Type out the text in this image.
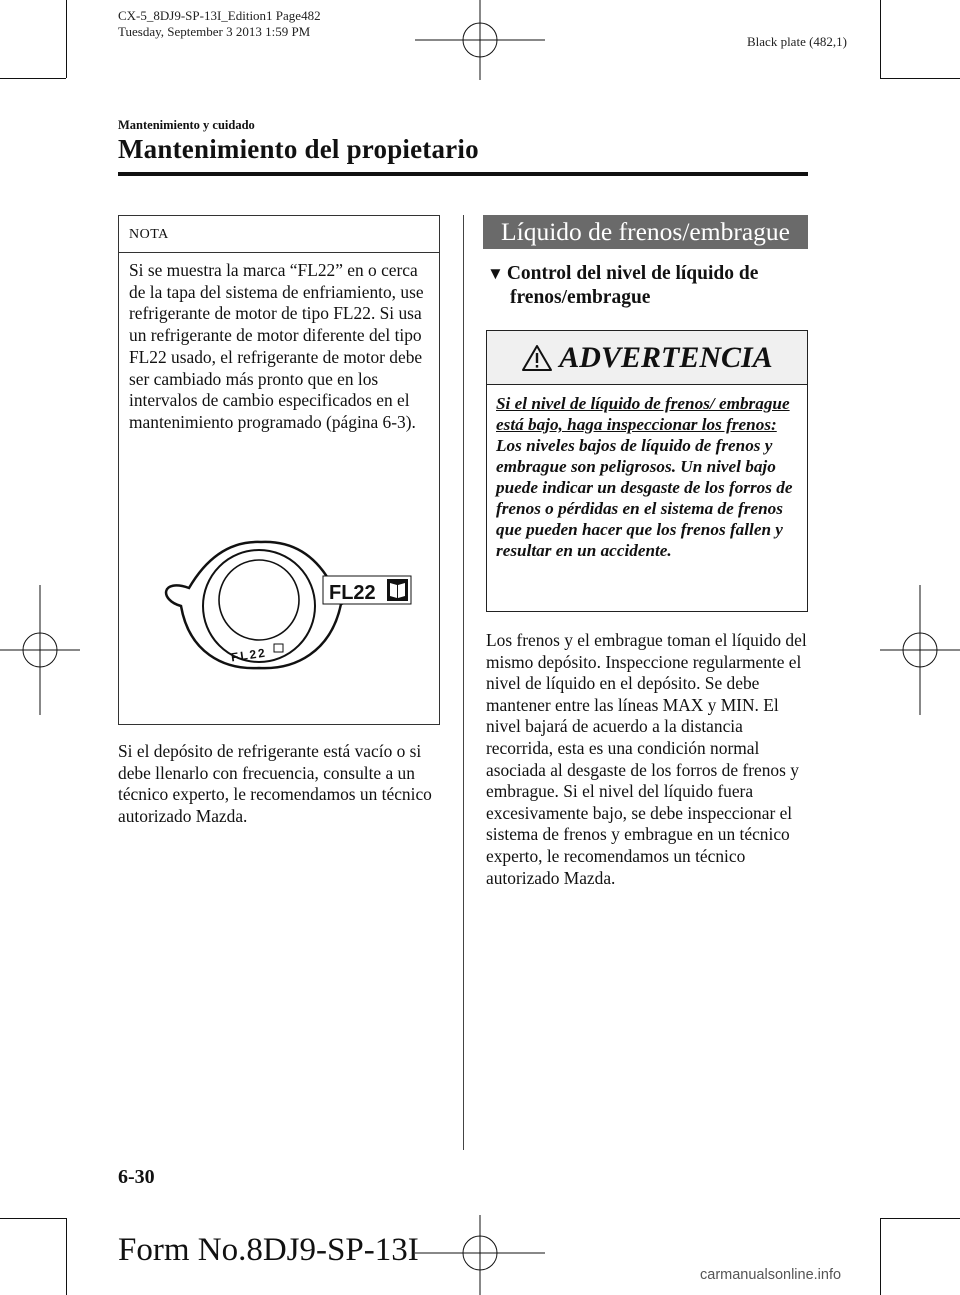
CX-5_8DJ9-SP-13I_Edition1 Page482
Tuesday, September 3 2013 1:59 PM
Black plate (482,1)
Mantenimiento y cuidado
Mantenimiento del propietario
NOTA
Si se muestra la marca “FL22” en o cerca de la tapa del sistema de enfriamiento, use refrigerante de motor de tipo FL22. Si usa un refrigerante de motor diferente del tipo FL22 usado, el refrigerante de motor debe ser cambiado más pronto que en los intervalos de cambio especificados en el mantenimiento programado (página 6-3).
FL22
FL22
Si el depósito de refrigerante está vacío o si debe llenarlo con frecuencia, consulte a un técnico experto, le recomendamos un técnico autorizado Mazda.
Líquido de frenos/embrague
▼ Control del nivel de líquido de
frenos/embrague
ADVERTENCIA
Si el nivel de líquido de frenos/ embrague está bajo, haga inspeccionar los frenos:
Los niveles bajos de líquido de frenos y embrague son peligrosos. Un nivel bajo puede indicar un desgaste de los forros de frenos o pérdidas en el sistema de frenos que pueden hacer que los frenos fallen y resultar en un accidente.
Los frenos y el embrague toman el líquido del mismo depósito. Inspeccione regularmente el nivel de líquido en el depósito. Se debe mantener entre las líneas MAX y MIN. El nivel bajará de acuerdo a la distancia recorrida, esta es una condición normal asociada al desgaste de los forros de frenos y embrague. Si el nivel del líquido fuera excesivamente bajo, se debe inspeccionar el sistema de frenos y embrague en un técnico experto, le recomendamos un técnico autorizado Mazda.
6-30
Form No.8DJ9-SP-13I
carmanualsonline.info
